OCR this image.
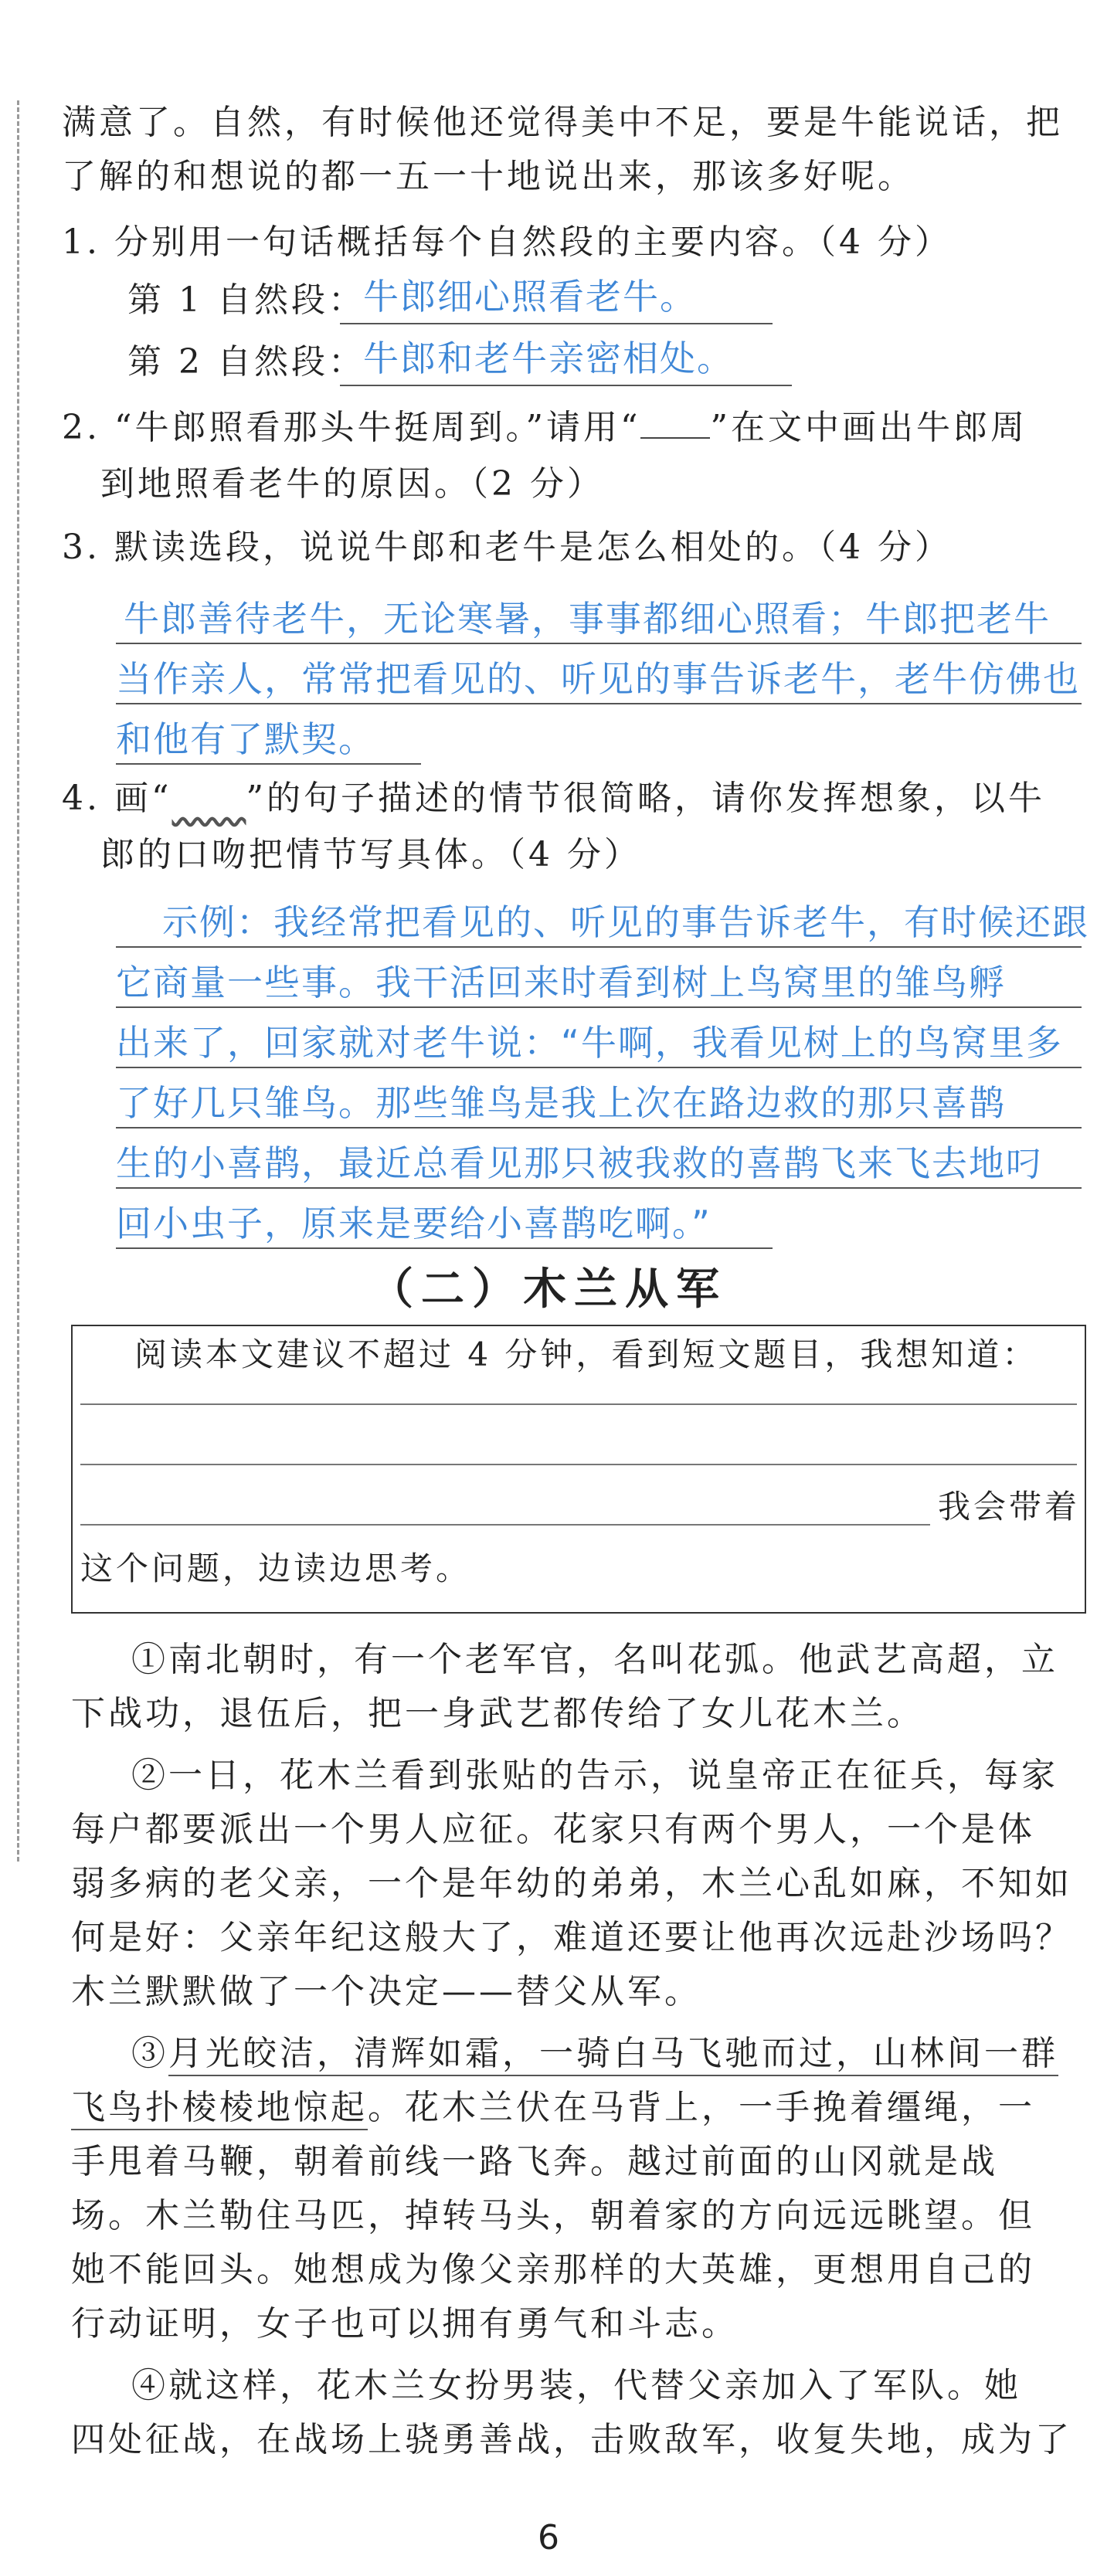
满意了。自然，有时候他还觉得美中不足，要是牛能说话，把
了解的和想说的都一五一十地说出来，那该多好呢。
1. 分别用一句话概括每个自然段的主要内容。（4 分）
第 1 自然段：
牛郎细心照看老牛。
第 2 自然段：
牛郎和老牛亲密相处。
2. “牛郎照看那头牛挺周到。”请用“ ”在文中画出牛郎周
到地照看老牛的原因。（2 分）
3. 默读选段，说说牛郎和老牛是怎么相处的。（4 分）
牛郎善待老牛，无论寒暑，事事都细心照看；牛郎把老牛
当作亲人，常常把看见的、听见的事告诉老牛，老牛仿佛也
和他有了默契。
4. 画“   ”的句子描述的情节很简略，请你发挥想象，以牛
郎的口吻把情节写具体。（4 分）
示例：我经常把看见的、听见的事告诉老牛，有时候还跟
它商量一些事。我干活回来时看到树上鸟窝里的雏鸟孵
出来了，回家就对老牛说：“牛啊，我看见树上的鸟窝里多
了好几只雏鸟。那些雏鸟是我上次在路边救的那只喜鹊
生的小喜鹊，最近总看见那只被我救的喜鹊飞来飞去地叼
回小虫子，原来是要给小喜鹊吃啊。”
（二）木兰从军
阅读本文建议不超过 4 分钟，看到短文题目，我想知道：
我会带着
这个问题，边读边思考。
①南北朝时，有一个老军官，名叫花弧。他武艺高超，立
下战功，退伍后，把一身武艺都传给了女儿花木兰。
②一日，花木兰看到张贴的告示，说皇帝正在征兵，每家
每户都要派出一个男人应征。花家只有两个男人，一个是体
弱多病的老父亲，一个是年幼的弟弟，木兰心乱如麻，不知如
何是好：父亲年纪这般大了，难道还要让他再次远赴沙场吗？
木兰默默做了一个决定——替父从军。
③月光皎洁，清辉如霜，一骑白马飞驰而过，山林间一群
飞鸟扑棱棱地惊起。花木兰伏在马背上，一手挽着缰绳，一
手甩着马鞭，朝着前线一路飞奔。越过前面的山冈就是战
场。木兰勒住马匹，掉转马头，朝着家的方向远远眺望。但
她不能回头。她想成为像父亲那样的大英雄，更想用自己的
行动证明，女子也可以拥有勇气和斗志。
④就这样，花木兰女扮男装，代替父亲加入了军队。她
四处征战，在战场上骁勇善战，击败敌军，收复失地，成为了
6
